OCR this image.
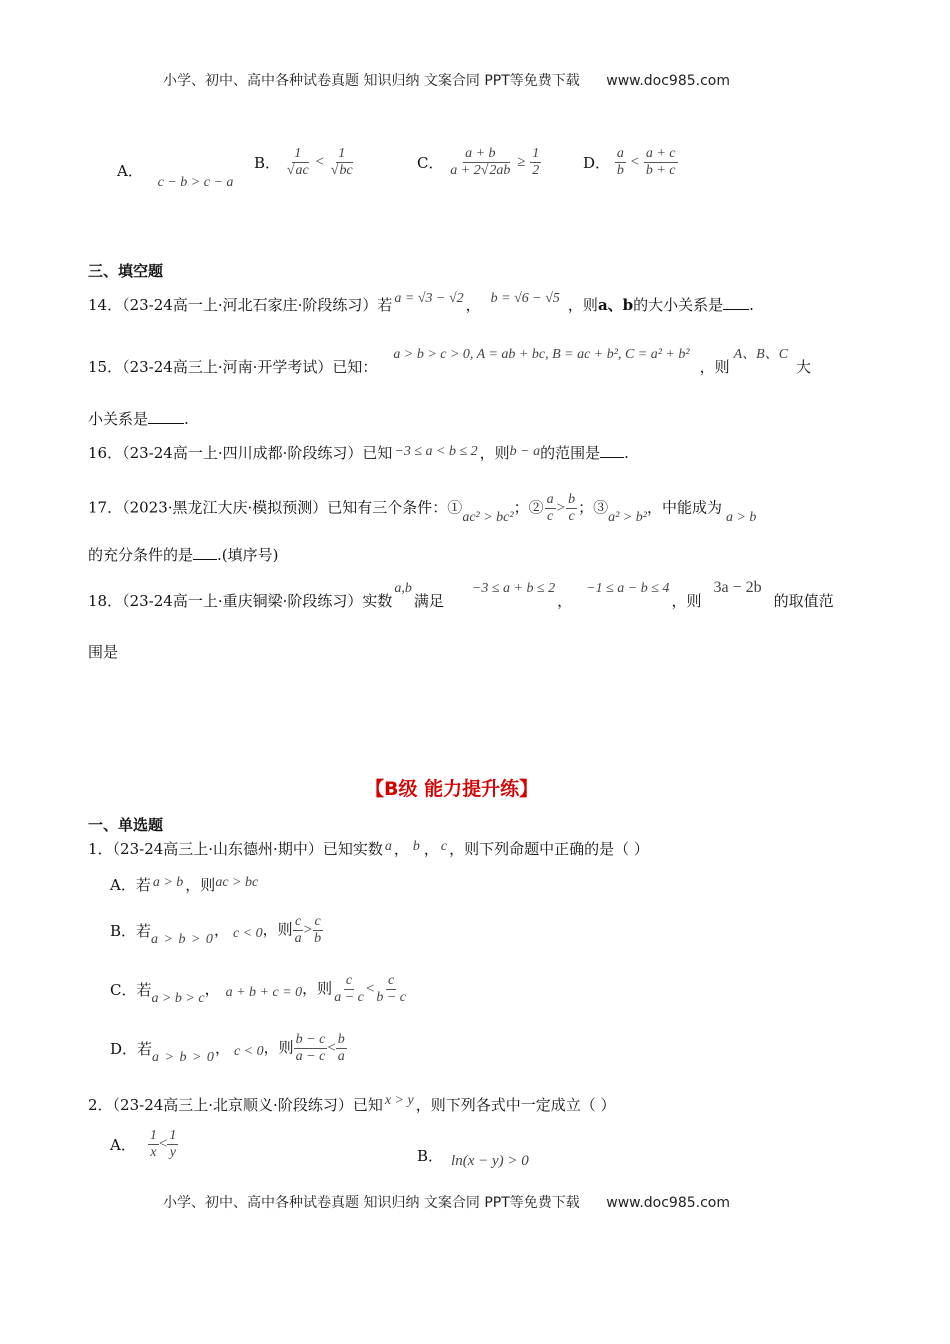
小学、初中、高中各种试卷真题 知识归纳 文案合同 PPT等免费下载 www.doc985.com
A． c − b > c − a
B． $\frac{1}{√ac} < \frac{1}{√bc}$	C． $\frac{a + b}{a + 2√2ab} \ge \frac{1}{2}$	D． $\frac{a}{b} < \frac{a + c}{b + c}$
三、填空题
14．（23-24高一上·河北石家庄·阶段练习）若 a = √3 − √2 ， b = √6 − √5 ，则a、b的大小关系是 .
15．（23-24高三上·河南·开学考试）已知：a > b > c > 0, A = ab + bc, B = ac + b², C = a² + b²，则A、B、C大
小关系是 .
16．（23-24高一上·四川成都·阶段练习）已知 −3 ≤ a < b ≤ 2 ，则b − a的范围是 .
17．（2023·黑龙江大庆·模拟预测）已知有三个条件：①ac² > bc²；② $\frac{a}{c} > \frac{b}{c}$ ；③a² > b²，中能成为a > b
的充分条件的是 .(填序号)
18．（23-24高一上·重庆铜梁·阶段练习）实数a,b满足−3 ≤ a + b ≤ 2，−1 ≤ a − b ≤ 4，则3a − 2b的取值范
围是
【B级 能力提升练】
一、单选题
1．（23-24高三上·山东德州·期中）已知实数 a ， b ， c ，则下列命题中正确的是（ ）
A．若 a > b ，则ac > bc
B．若a > b > 0， c < 0，则 $\frac{c}{a} > \frac{c}{b}$
C．若a > b > c， a + b + c = 0，则 $\frac{c}{a - c} < \frac{c}{b - c}$
D．若a > b > 0， c < 0，则 $\frac{b - c}{a - c} < \frac{b}{a}$
2．（23-24高三上·北京顺义·阶段练习）已知 x > y ，则下列各式中一定成立（ ）
A． $\frac{1}{x} < \frac{1}{y}$	B． ln(x − y) > 0
小学、初中、高中各种试卷真题 知识归纳 文案合同 PPT等免费下载 www.doc985.com
